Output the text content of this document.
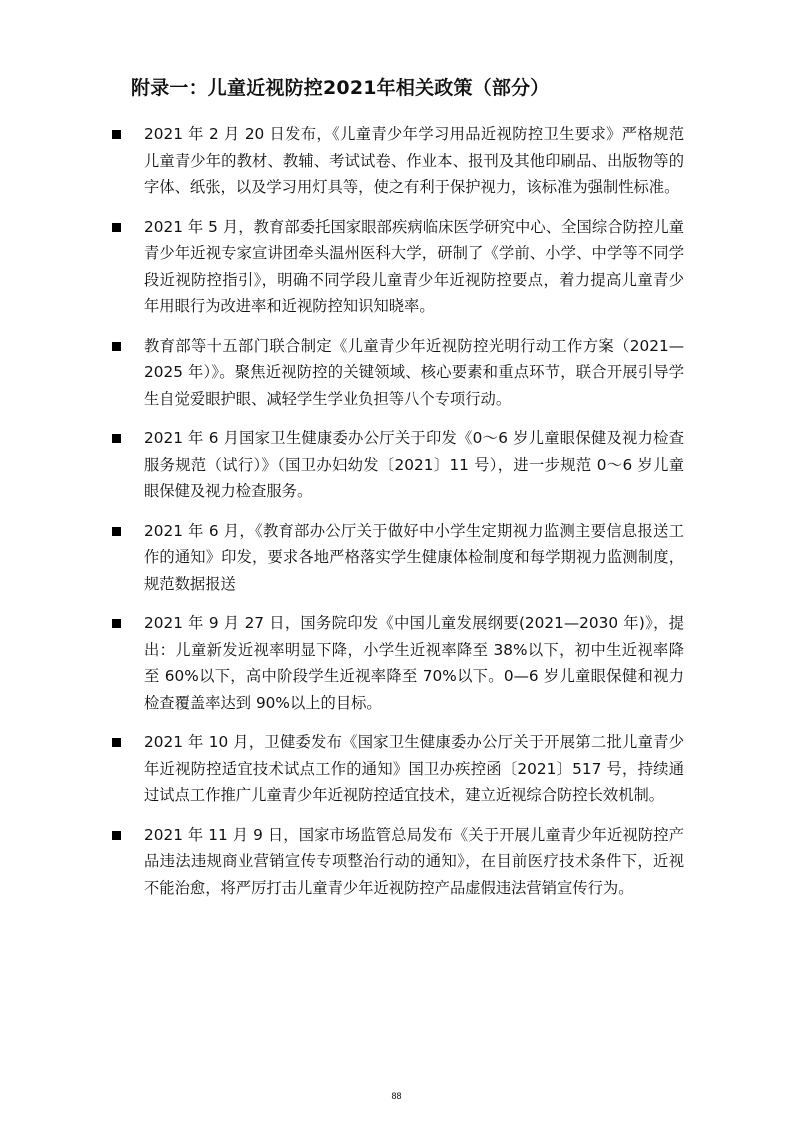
附录一：儿童近视防控2021年相关政策（部分）
2021 年 2 月 20 日发布，《儿童青少年学习用品近视防控卫生要求》严格规范儿童青少年的教材、教辅、考试试卷、作业本、报刊及其他印刷品、出版物等的字体、纸张，以及学习用灯具等，使之有利于保护视力，该标准为强制性标准。
2021 年 5 月，教育部委托国家眼部疾病临床医学研究中心、全国综合防控儿童青少年近视专家宣讲团牵头温州医科大学，研制了《学前、小学、中学等不同学段近视防控指引》，明确不同学段儿童青少年近视防控要点，着力提高儿童青少年用眼行为改进率和近视防控知识知晓率。
教育部等十五部门联合制定《儿童青少年近视防控光明行动工作方案（2021—2025 年）》。聚焦近视防控的关键领域、核心要素和重点环节，联合开展引导学生自觉爱眼护眼、减轻学生学业负担等八个专项行动。
2021 年 6 月国家卫生健康委办公厅关于印发《0～6 岁儿童眼保健及视力检查服务规范（试行）》（国卫办妇幼发〔2021〕11 号），进一步规范 0～6 岁儿童眼保健及视力检查服务。
2021 年 6 月，《教育部办公厅关于做好中小学生定期视力监测主要信息报送工作的通知》印发，要求各地严格落实学生健康体检制度和每学期视力监测制度，规范数据报送
2021 年 9 月 27 日，国务院印发《中国儿童发展纲要(2021—2030 年)》，提出：儿童新发近视率明显下降，小学生近视率降至 38%以下，初中生近视率降至 60%以下，高中阶段学生近视率降至 70%以下。0—6 岁儿童眼保健和视力检查覆盖率达到 90%以上的目标。
2021 年 10 月，卫健委发布《国家卫生健康委办公厅关于开展第二批儿童青少年近视防控适宜技术试点工作的通知》国卫办疾控函〔2021〕517 号，持续通过试点工作推广儿童青少年近视防控适宜技术，建立近视综合防控长效机制。
2021 年 11 月 9 日，国家市场监管总局发布《关于开展儿童青少年近视防控产品违法违规商业营销宣传专项整治行动的通知》，在目前医疗技术条件下，近视不能治愈，将严厉打击儿童青少年近视防控产品虚假违法营销宣传行为。
88
